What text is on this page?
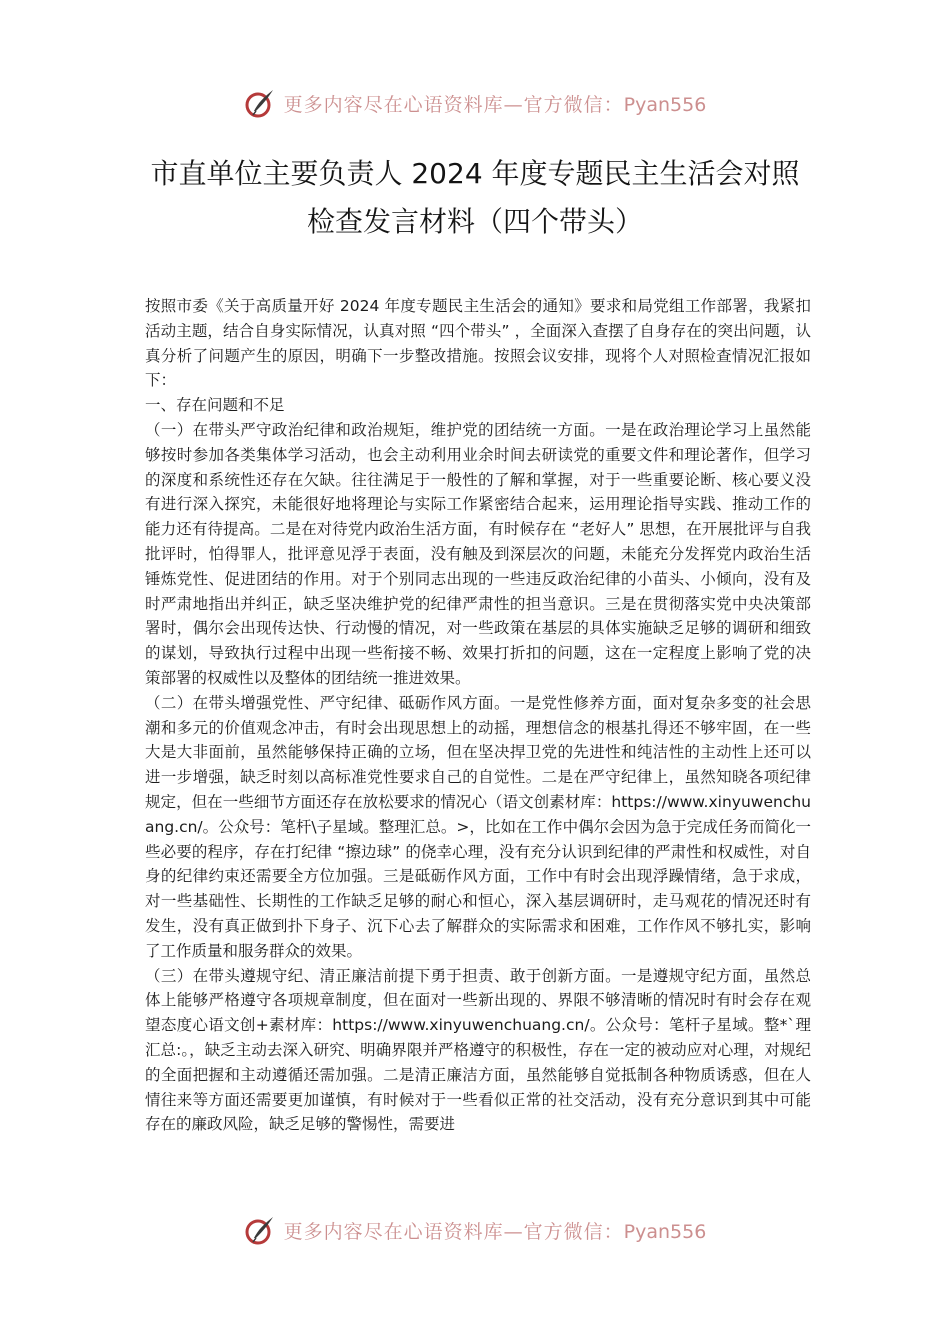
更多内容尽在心语资料库—官方微信：Pyan556
市直单位主要负责人 2024 年度专题民主生活会对照
检查发言材料（四个带头）

按照市委《关于高质量开好 2024 年度专题民主生活会的通知》要求和局党组工作部署，我紧扣活动主题，结合自身实际情况，认真对照 “四个带头” ，全面深入查摆了自身存在的突出问题，认真分析了问题产生的原因，明确下一步整改措施。按照会议安排，现将个人对照检查情况汇报如下：

一、存在问题和不足

（一）在带头严守政治纪律和政治规矩，维护党的团结统一方面。一是在政治理论学习上虽然能够按时参加各类集体学习活动，也会主动利用业余时间去研读党的重要文件和理论著作，但学习的深度和系统性还存在欠缺。往往满足于一般性的了解和掌握，对于一些重要论断、核心要义没有进行深入探究，未能很好地将理论与实际工作紧密结合起来，运用理论指导实践、推动工作的能力还有待提高。二是在对待党内政治生活方面，有时候存在 “老好人” 思想，在开展批评与自我批评时，怕得罪人，批评意见浮于表面，没有触及到深层次的问题，未能充分发挥党内政治生活锤炼党性、促进团结的作用。对于个别同志出现的一些违反政治纪律的小苗头、小倾向，没有及时严肃地指出并纠正，缺乏坚决维护党的纪律严肃性的担当意识。三是在贯彻落实党中央决策部署时，偶尔会出现传达快、行动慢的情况，对一些政策在基层的具体实施缺乏足够的调研和细致的谋划，导致执行过程中出现一些衔接不畅、效果打折扣的问题，这在一定程度上影响了党的决策部署的权威性以及整体的团结统一推进效果。

（二）在带头增强党性、严守纪律、砥砺作风方面。一是党性修养方面，面对复杂多变的社会思潮和多元的价值观念冲击，有时会出现思想上的动摇，理想信念的根基扎得还不够牢固，在一些大是大非面前，虽然能够保持正确的立场，但在坚决捍卫党的先进性和纯洁性的主动性上还可以进一步增强，缺乏时刻以高标准党性要求自己的自觉性。二是在严守纪律上，虽然知晓各项纪律规定，但在一些细节方面还存在放松要求的情况心（语文创素材库：https://www.xinyuwenchuang.cn/。公众号：笔杆\子星域。整理汇总。>，比如在工作中偶尔会因为急于完成任务而简化一些必要的程序，存在打纪律 “擦边球” 的侥幸心理，没有充分认识到纪律的严肃性和权威性，对自身的纪律约束还需要全方位加强。三是砥砺作风方面，工作中有时会出现浮躁情绪，急于求成，对一些基础性、长期性的工作缺乏足够的耐心和恒心，深入基层调研时，走马观花的情况还时有发生，没有真正做到扑下身子、沉下心去了解群众的实际需求和困难，工作作风不够扎实，影响了工作质量和服务群众的效果。

（三）在带头遵规守纪、清正廉洁前提下勇于担责、敢于创新方面。一是遵规守纪方面，虽然总体上能够严格遵守各项规章制度，但在面对一些新出现的、界限不够清晰的情况时有时会存在观望态度心语文创+素材库：https://www.xinyuwenchuang.cn/。公众号：笔杆子星域。整*`理汇总:。，缺乏主动去深入研究、明确界限并严格遵守的积极性，存在一定的被动应对心理，对规纪的全面把握和主动遵循还需加强。二是清正廉洁方面，虽然能够自觉抵制各种物质诱惑，但在人情往来等方面还需要更加谨慎，有时候对于一些看似正常的社交活动，没有充分意识到其中可能存在的廉政风险，缺乏足够的警惕性，需要进

更多内容尽在心语资料库—官方微信：Pyan556
